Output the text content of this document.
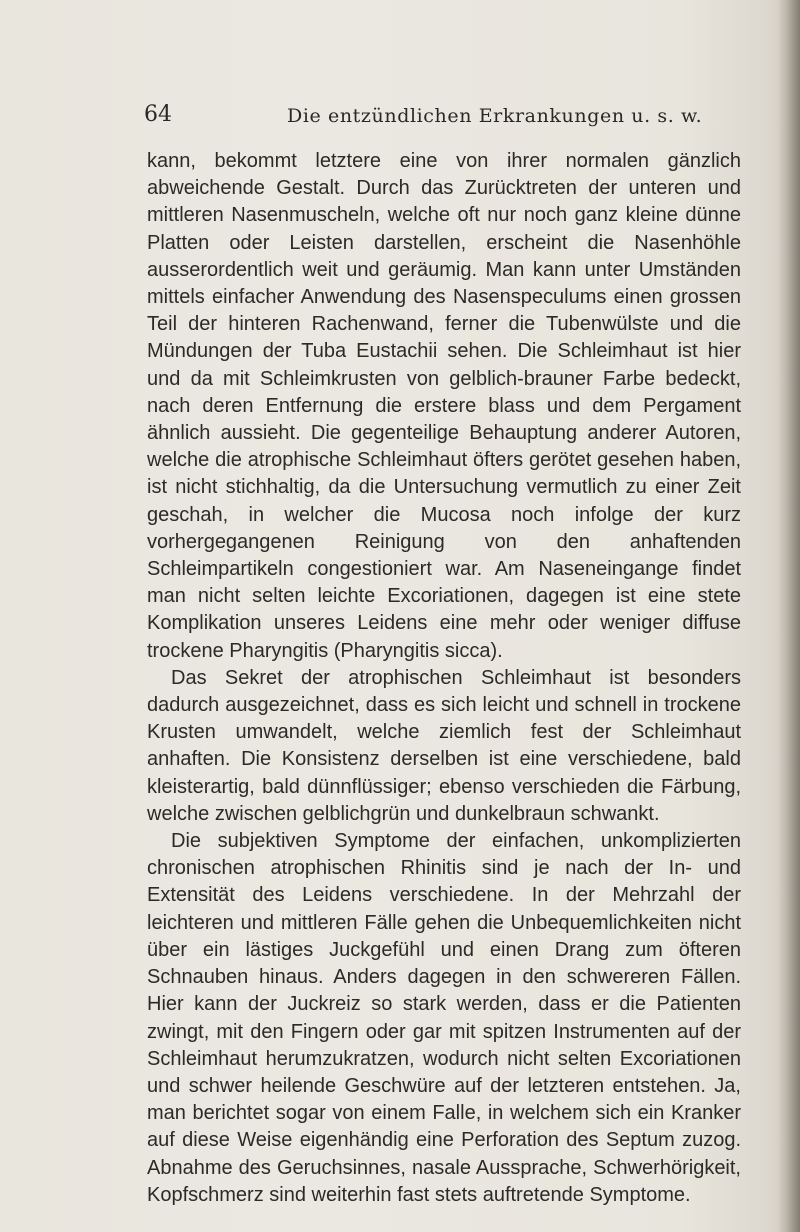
64	Die entzündlichen Erkrankungen u. s. w.

kann, bekommt letztere eine von ihrer normalen gänzlich abweichende Gestalt. Durch das Zurücktreten der unteren und mittleren Nasenmuscheln, welche oft nur noch ganz kleine dünne Platten oder Leisten darstellen, erscheint die Nasenhöhle ausserordentlich weit und geräumig. Man kann unter Umständen mittels einfacher Anwendung des Nasenspeculums einen grossen Teil der hinteren Rachenwand, ferner die Tubenwülste und die Mündungen der Tuba Eustachii sehen. Die Schleimhaut ist hier und da mit Schleimkrusten von gelblich-brauner Farbe bedeckt, nach deren Entfernung die erstere blass und dem Pergament ähnlich aussieht. Die gegenteilige Behauptung anderer Autoren, welche die atrophische Schleimhaut öfters gerötet gesehen haben, ist nicht stichhaltig, da die Untersuchung vermutlich zu einer Zeit geschah, in welcher die Mucosa noch infolge der kurz vorhergegangenen Reinigung von den anhaftenden Schleimpartikeln congestioniert war. Am Naseneingange findet man nicht selten leichte Excoriationen, dagegen ist eine stete Komplikation unseres Leidens eine mehr oder weniger diffuse trockene Pharyngitis (Pharyngitis sicca).

Das Sekret der atrophischen Schleimhaut ist besonders dadurch ausgezeichnet, dass es sich leicht und schnell in trockene Krusten umwandelt, welche ziemlich fest der Schleimhaut anhaften. Die Konsistenz derselben ist eine verschiedene, bald kleisterartig, bald dünnflüssiger; ebenso verschieden die Färbung, welche zwischen gelblichgrün und dunkelbraun schwankt.

Die subjektiven Symptome der einfachen, unkomplizierten chronischen atrophischen Rhinitis sind je nach der In- und Extensität des Leidens verschiedene. In der Mehrzahl der leichteren und mittleren Fälle gehen die Unbequemlichkeiten nicht über ein lästiges Juckgefühl und einen Drang zum öfteren Schnauben hinaus. Anders dagegen in den schwereren Fällen. Hier kann der Juckreiz so stark werden, dass er die Patienten zwingt, mit den Fingern oder gar mit spitzen Instrumenten auf der Schleimhaut herumzukratzen, wodurch nicht selten Excoriationen und schwer heilende Geschwüre auf der letzteren entstehen. Ja, man berichtet sogar von einem Falle, in welchem sich ein Kranker auf diese Weise eigenhändig eine Perforation des Septum zuzog. Abnahme des Geruchsinnes, nasale Aussprache, Schwerhörigkeit, Kopfschmerz sind weiterhin fast stets auftretende Symptome.
